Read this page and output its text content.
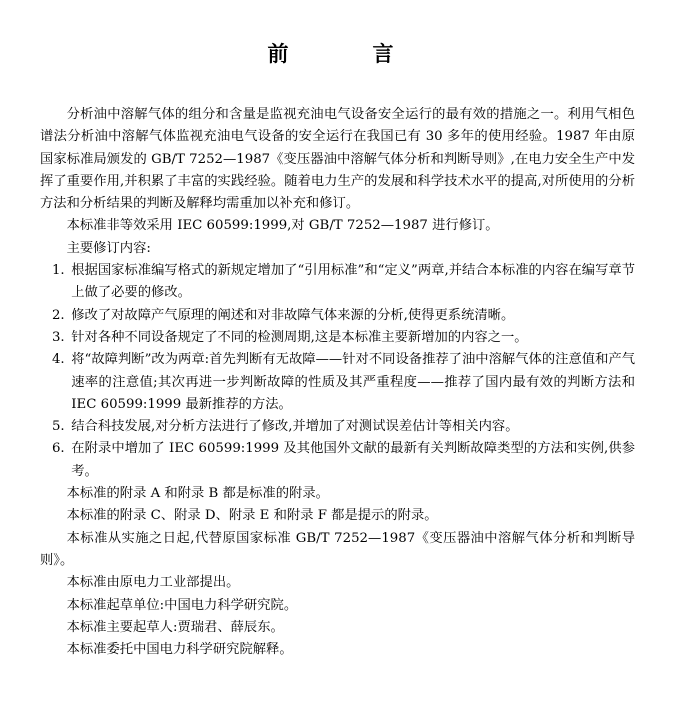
前　　言

分析油中溶解气体的组分和含量是监视充油电气设备安全运行的最有效的措施之一。利用气相色谱法分析油中溶解气体监视充油电气设备的安全运行在我国已有 30 多年的使用经验。1987 年由原国家标准局颁发的 GB/T 7252—1987《变压器油中溶解气体分析和判断导则》,在电力安全生产中发挥了重要作用,并积累了丰富的实践经验。随着电力生产的发展和科学技术水平的提高,对所使用的分析方法和分析结果的判断及解释均需重加以补充和修订。

本标准非等效采用 IEC 60599:1999,对 GB/T 7252—1987 进行修订。

主要修订内容:

1. 根据国家标准编写格式的新规定增加了“引用标准”和“定义”两章,并结合本标准的内容在编写章节上做了必要的修改。
2. 修改了对故障产气原理的阐述和对非故障气体来源的分析,使得更系统清晰。
3. 针对各种不同设备规定了不同的检测周期,这是本标准主要新增加的内容之一。
4. 将“故障判断”改为两章:首先判断有无故障——针对不同设备推荐了油中溶解气体的注意值和产气速率的注意值;其次再进一步判断故障的性质及其严重程度——推荐了国内最有效的判断方法和 IEC 60599:1999 最新推荐的方法。
5. 结合科技发展,对分析方法进行了修改,并增加了对测试误差估计等相关内容。
6. 在附录中增加了 IEC 60599:1999 及其他国外文献的最新有关判断故障类型的方法和实例,供参考。

本标准的附录 A 和附录 B 都是标准的附录。

本标准的附录 C、附录 D、附录 E 和附录 F 都是提示的附录。

本标准从实施之日起,代替原国家标准 GB/T 7252—1987《变压器油中溶解气体分析和判断导则》。

本标准由原电力工业部提出。

本标准起草单位:中国电力科学研究院。

本标准主要起草人:贾瑞君、薛辰东。

本标准委托中国电力科学研究院解释。
